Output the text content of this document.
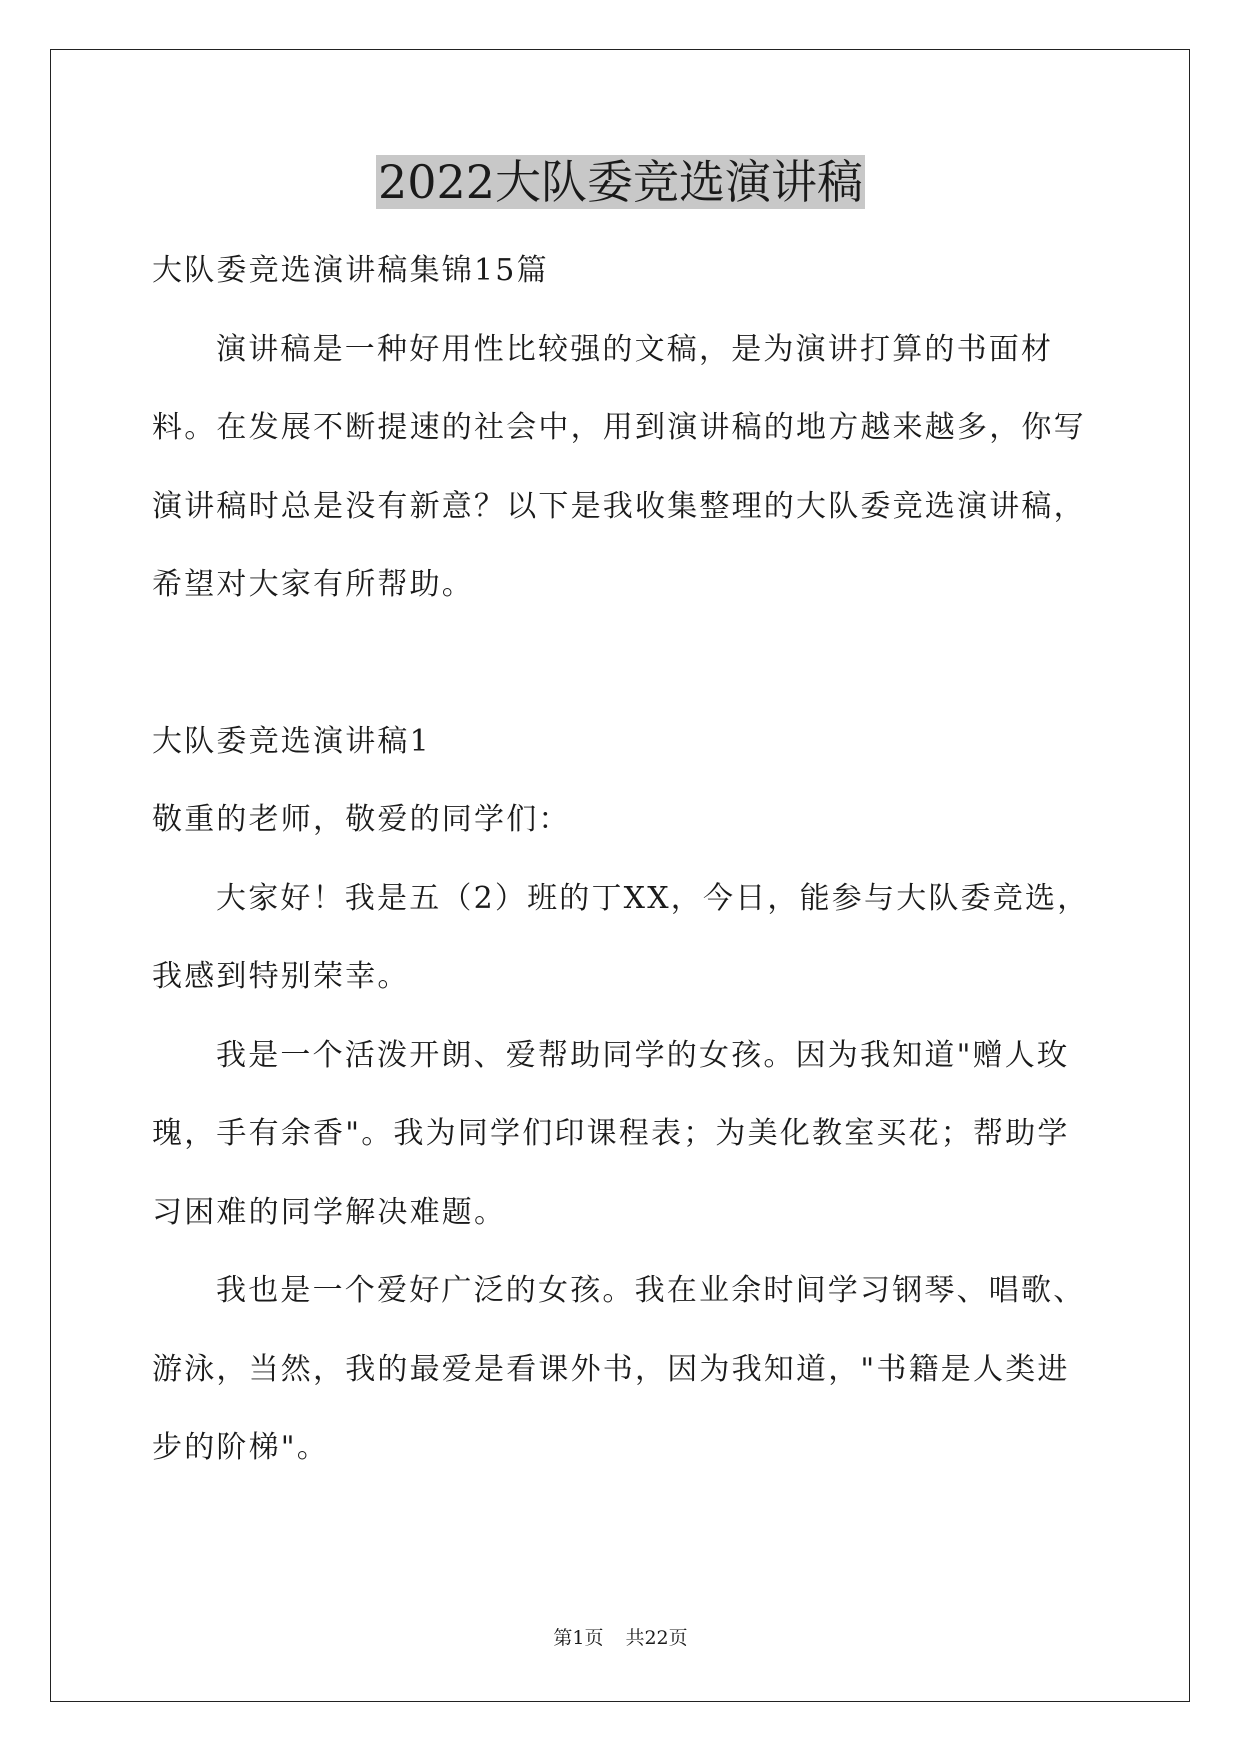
2022大队委竞选演讲稿

大队委竞选演讲稿集锦15篇

演讲稿是一种好用性比较强的文稿，是为演讲打算的书面材料。在发展不断提速的社会中，用到演讲稿的地方越来越多，你写演讲稿时总是没有新意？以下是我收集整理的大队委竞选演讲稿，希望对大家有所帮助。

大队委竞选演讲稿1

敬重的老师，敬爱的同学们：

大家好！我是五（2）班的丁XX，今日，能参与大队委竞选，我感到特别荣幸。

我是一个活泼开朗、爱帮助同学的女孩。因为我知道"赠人玫瑰，手有余香"。我为同学们印课程表；为美化教室买花；帮助学习困难的同学解决难题。

我也是一个爱好广泛的女孩。我在业余时间学习钢琴、唱歌、游泳，当然，我的最爱是看课外书，因为我知道，"书籍是人类进步的阶梯"。

第1页 共22页
